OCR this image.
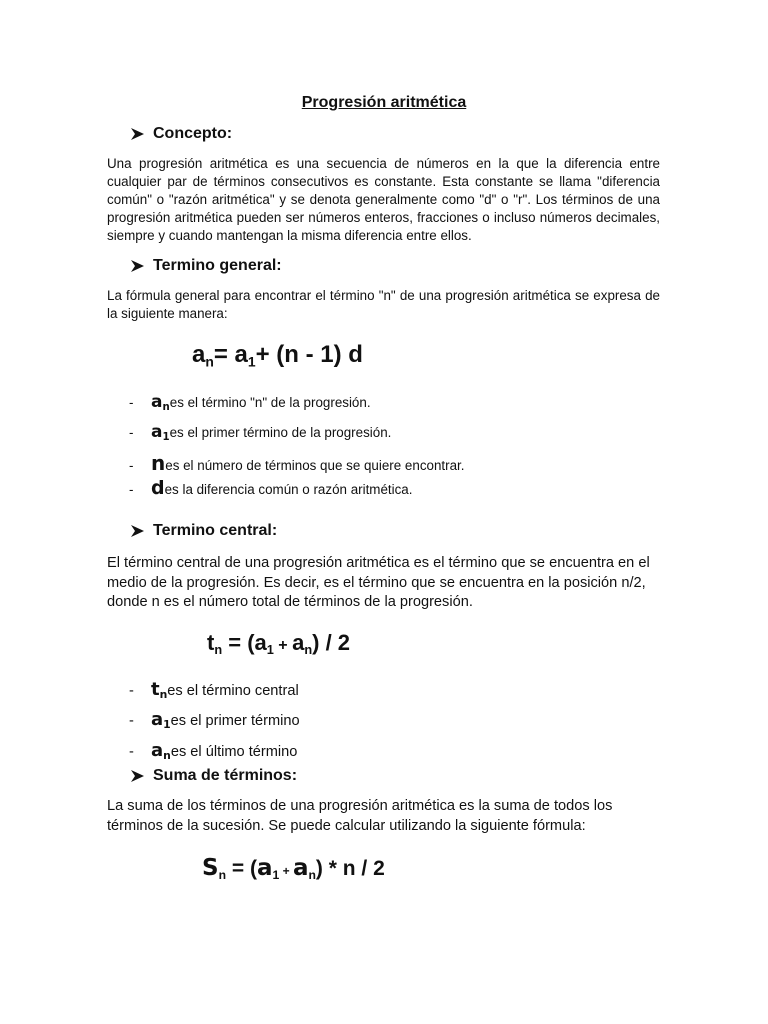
Progresión aritmética
Concepto:
Una progresión aritmética es una secuencia de números en la que la diferencia entre cualquier par de términos consecutivos es constante. Esta constante se llama "diferencia común" o "razón aritmética" y se denota generalmente como "d" o "r". Los términos de una progresión aritmética pueden ser números enteros, fracciones o incluso números decimales, siempre y cuando mantengan la misma diferencia entre ellos.
Termino general:
La fórmula general para encontrar el término "n" de una progresión aritmética se expresa de la siguiente manera:
$a_n= a_1+ (n - 1)$ d
-	$a_n$ es el término "n" de la progresión.
-	$a_1$ es el primer término de la progresión.
- n es el número de términos que se quiere encontrar.
- d es la diferencia común o razón aritmética.
Termino central:
El término central de una progresión aritmética es el término que se encuentra en el medio de la progresión. Es decir, es el término que se encuentra en la posición n/2, donde n es el número total de términos de la progresión.
$t_n = (a_1 + a_n) / 2$
- $t_n$ es el término central
- $a_1$ es el primer término
- $a_n$ es el último término
Suma de términos:
La suma de los términos de una progresión aritmética es la suma de todos los términos de la sucesión. Se puede calcular utilizando la siguiente fórmula:
$S_n = (a_1 + a_n) * n / 2$
